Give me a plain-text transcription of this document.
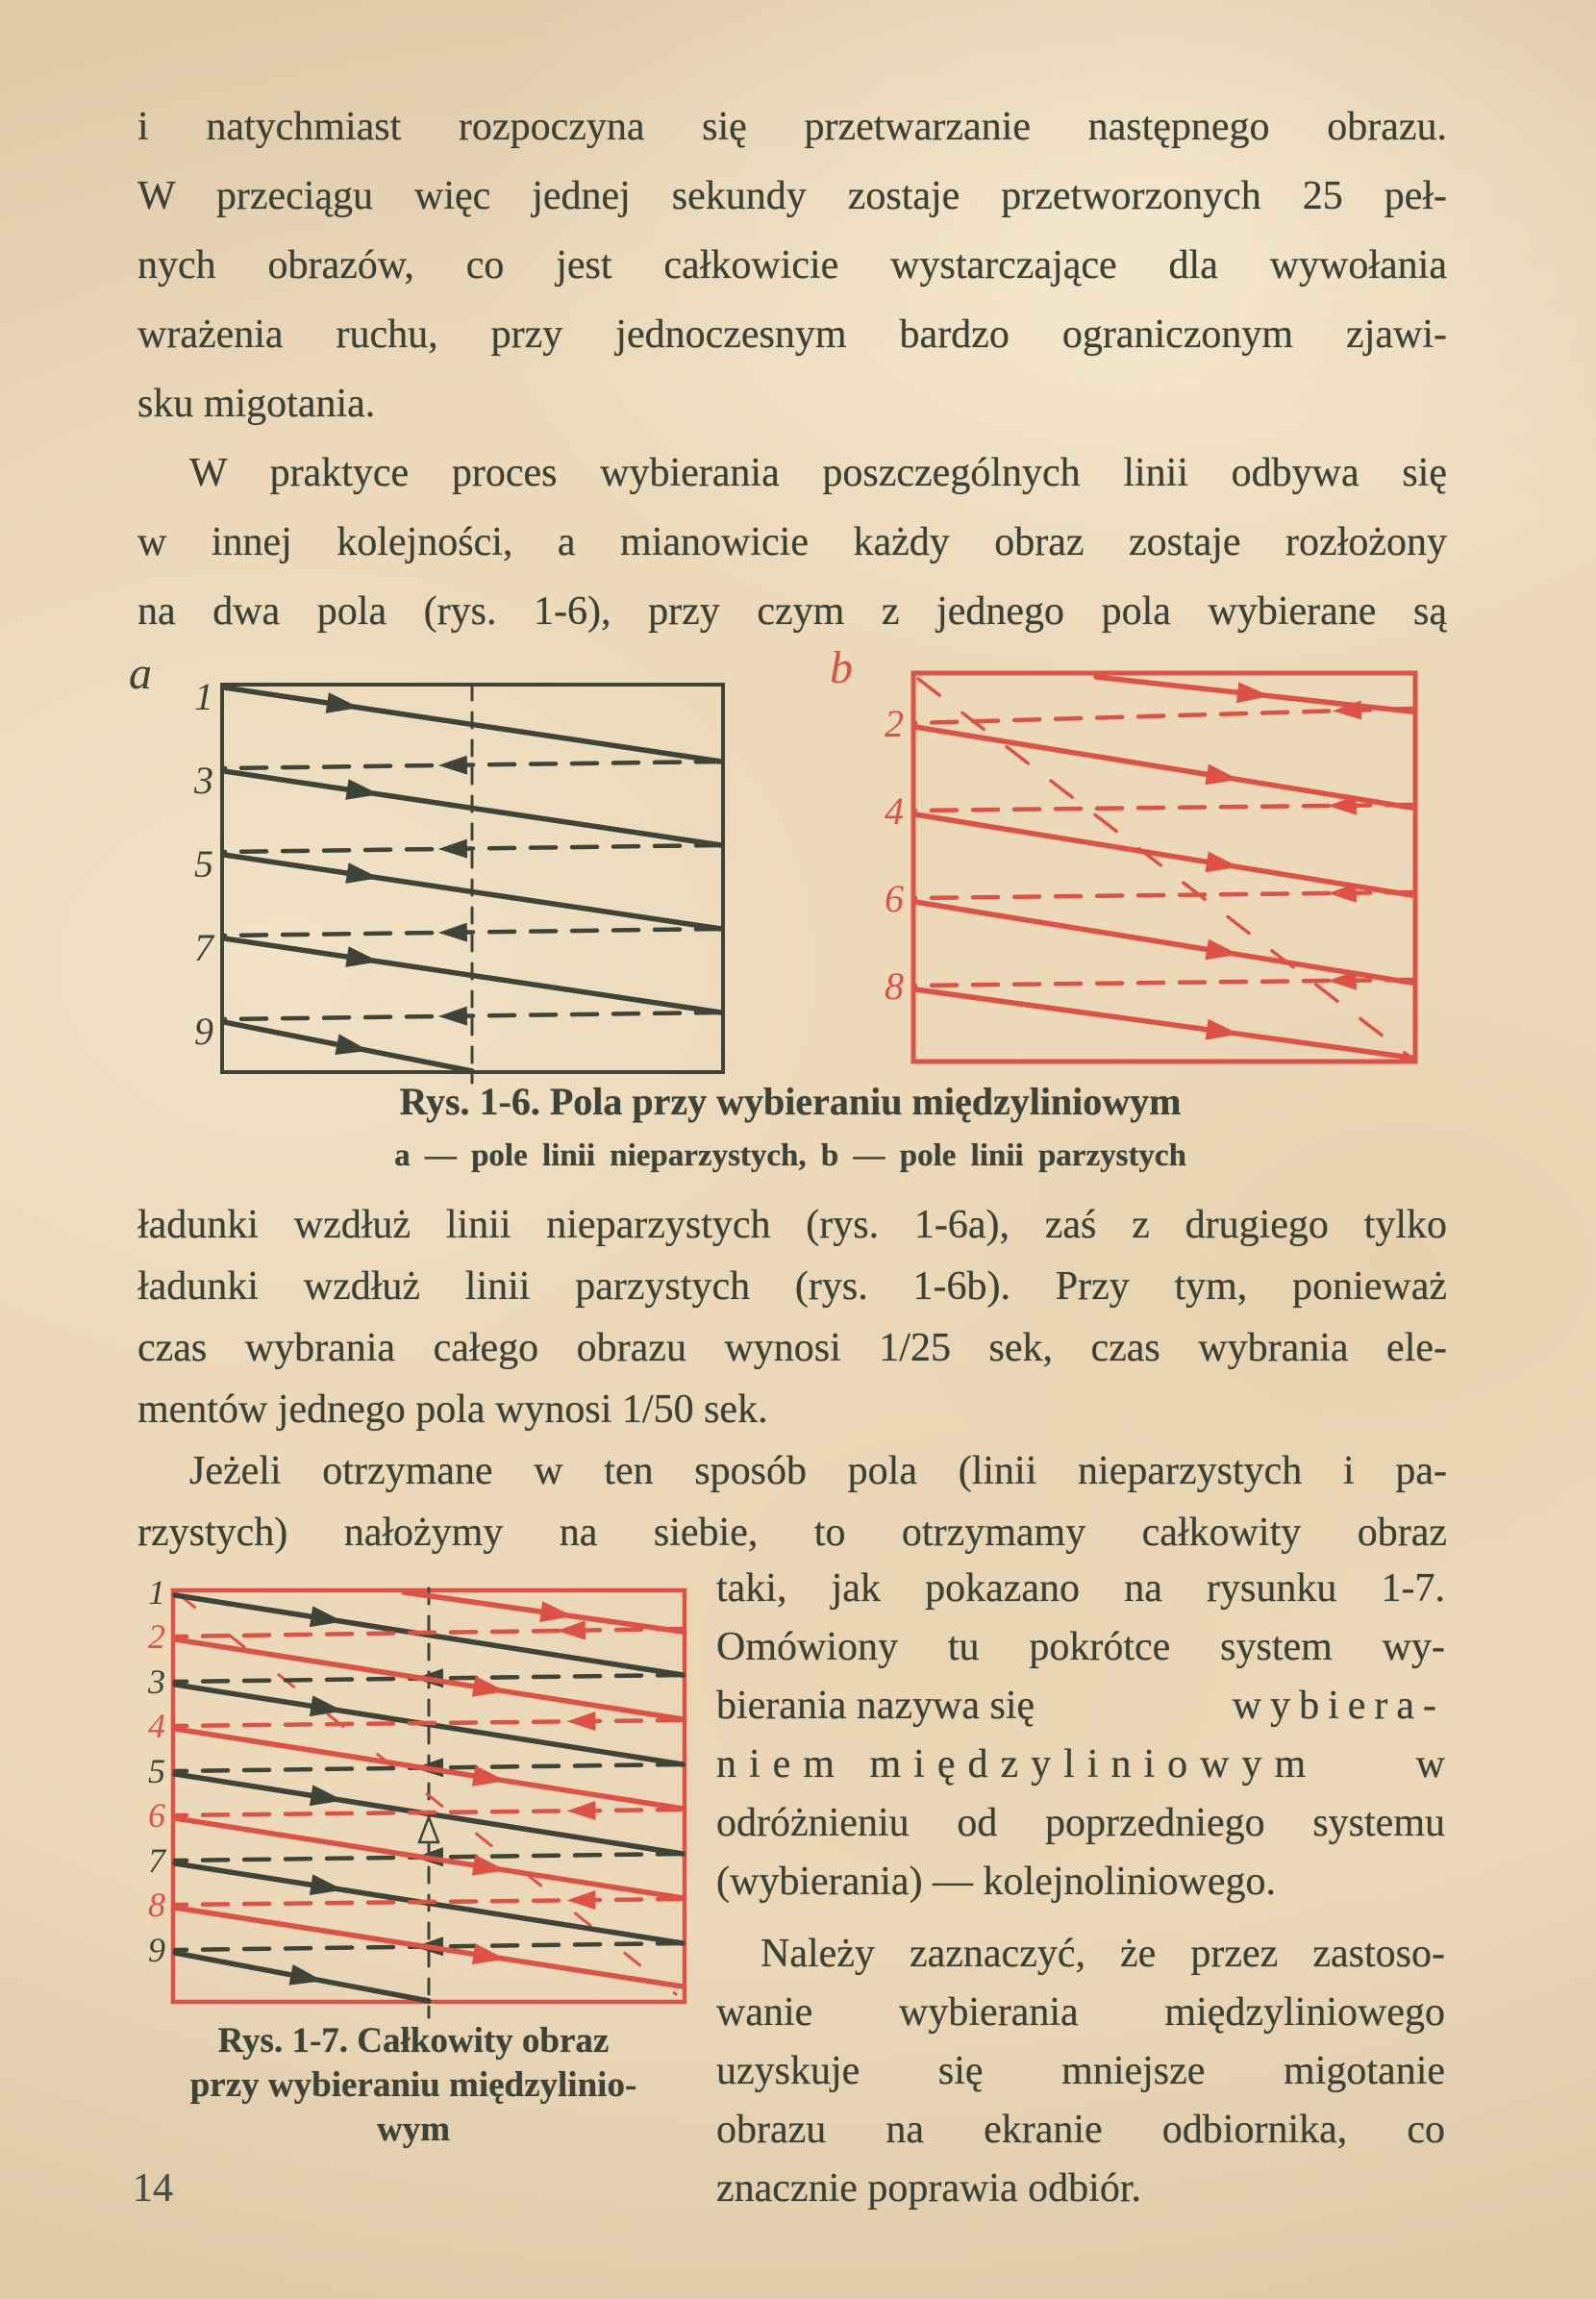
i natychmiast rozpoczyna się przetwarzanie następnego obrazu.
W przeciągu więc jednej sekundy zostaje przetworzonych 25 peł-
nych obrazów, co jest całkowicie wystarczające dla wywołania
wrażenia ruchu, przy jednoczesnym bardzo ograniczonym zjawi-
sku migotania.
W praktyce proces wybierania poszczególnych linii odbywa się
w innej kolejności, a mianowicie każdy obraz zostaje rozłożony
na dwa pola (rys. 1-6), przy czym z jednego pola wybierane są
1
3
5
7
9
a
2
4
6
8
b
Rys. 1-6. Pola przy wybieraniu międzyliniowym
a — pole linii nieparzystych, b — pole linii parzystych
ładunki wzdłuż linii nieparzystych (rys. 1-6a), zaś z drugiego tylko
ładunki wzdłuż linii parzystych (rys. 1-6b). Przy tym, ponieważ
czas wybrania całego obrazu wynosi 1/25 sek, czas wybrania ele-
mentów jednego pola wynosi 1/50 sek.
Jeżeli otrzymane w ten sposób pola (linii nieparzystych i pa-
rzystych) nałożymy na siebie, to otrzymamy całkowity obraz
1
3
5
7
9
2
4
6
8
Rys. 1-7. Całkowity obraz
przy wybieraniu międzylinio-
wym
taki, jak pokazano na rysunku 1-7.
Omówiony tu pokrótce system wy-
bierania nazywa się	wybiera-
niem międzyliniowym w
odróżnieniu od poprzedniego systemu
(wybierania) — kolejnoliniowego.
Należy zaznaczyć, że przez zastoso-
wanie wybierania międzyliniowego
uzyskuje się mniejsze migotanie
obrazu na ekranie odbiornika, co
znacznie poprawia odbiór.
14
